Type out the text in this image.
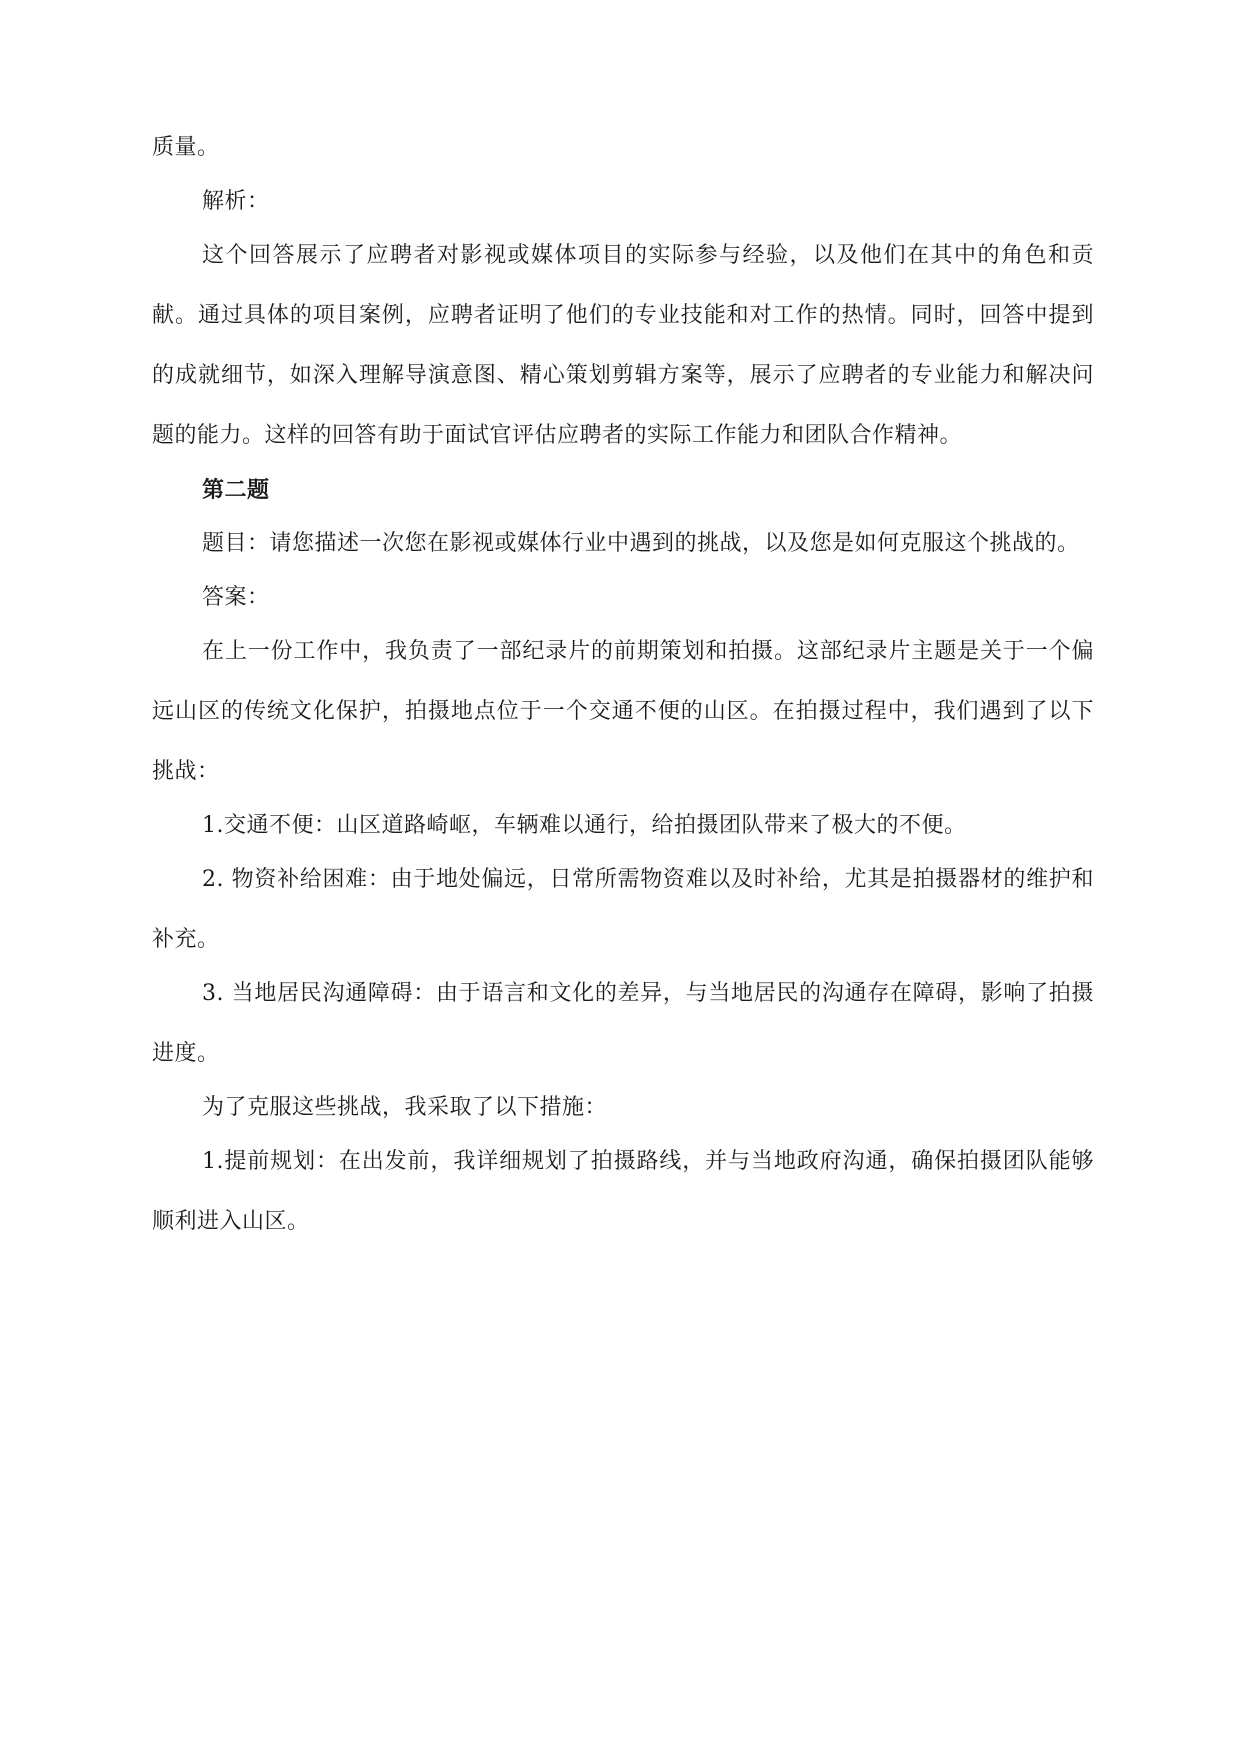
质量。

解析：

这个回答展示了应聘者对影视或媒体项目的实际参与经验，以及他们在其中的角色和贡献。通过具体的项目案例，应聘者证明了他们的专业技能和对工作的热情。同时，回答中提到的成就细节，如深入理解导演意图、精心策划剪辑方案等，展示了应聘者的专业能力和解决问题的能力。这样的回答有助于面试官评估应聘者的实际工作能力和团队合作精神。

第二题

题目：请您描述一次您在影视或媒体行业中遇到的挑战，以及您是如何克服这个挑战的。

答案：

在上一份工作中，我负责了一部纪录片的前期策划和拍摄。这部纪录片主题是关于一个偏远山区的传统文化保护，拍摄地点位于一个交通不便的山区。在拍摄过程中，我们遇到了以下挑战：

1.交通不便：山区道路崎岖，车辆难以通行，给拍摄团队带来了极大的不便。

2. 物资补给困难：由于地处偏远，日常所需物资难以及时补给，尤其是拍摄器材的维护和补充。

3. 当地居民沟通障碍：由于语言和文化的差异，与当地居民的沟通存在障碍，影响了拍摄进度。

为了克服这些挑战，我采取了以下措施：

1.提前规划：在出发前，我详细规划了拍摄路线，并与当地政府沟通，确保拍摄团队能够顺利进入山区。
